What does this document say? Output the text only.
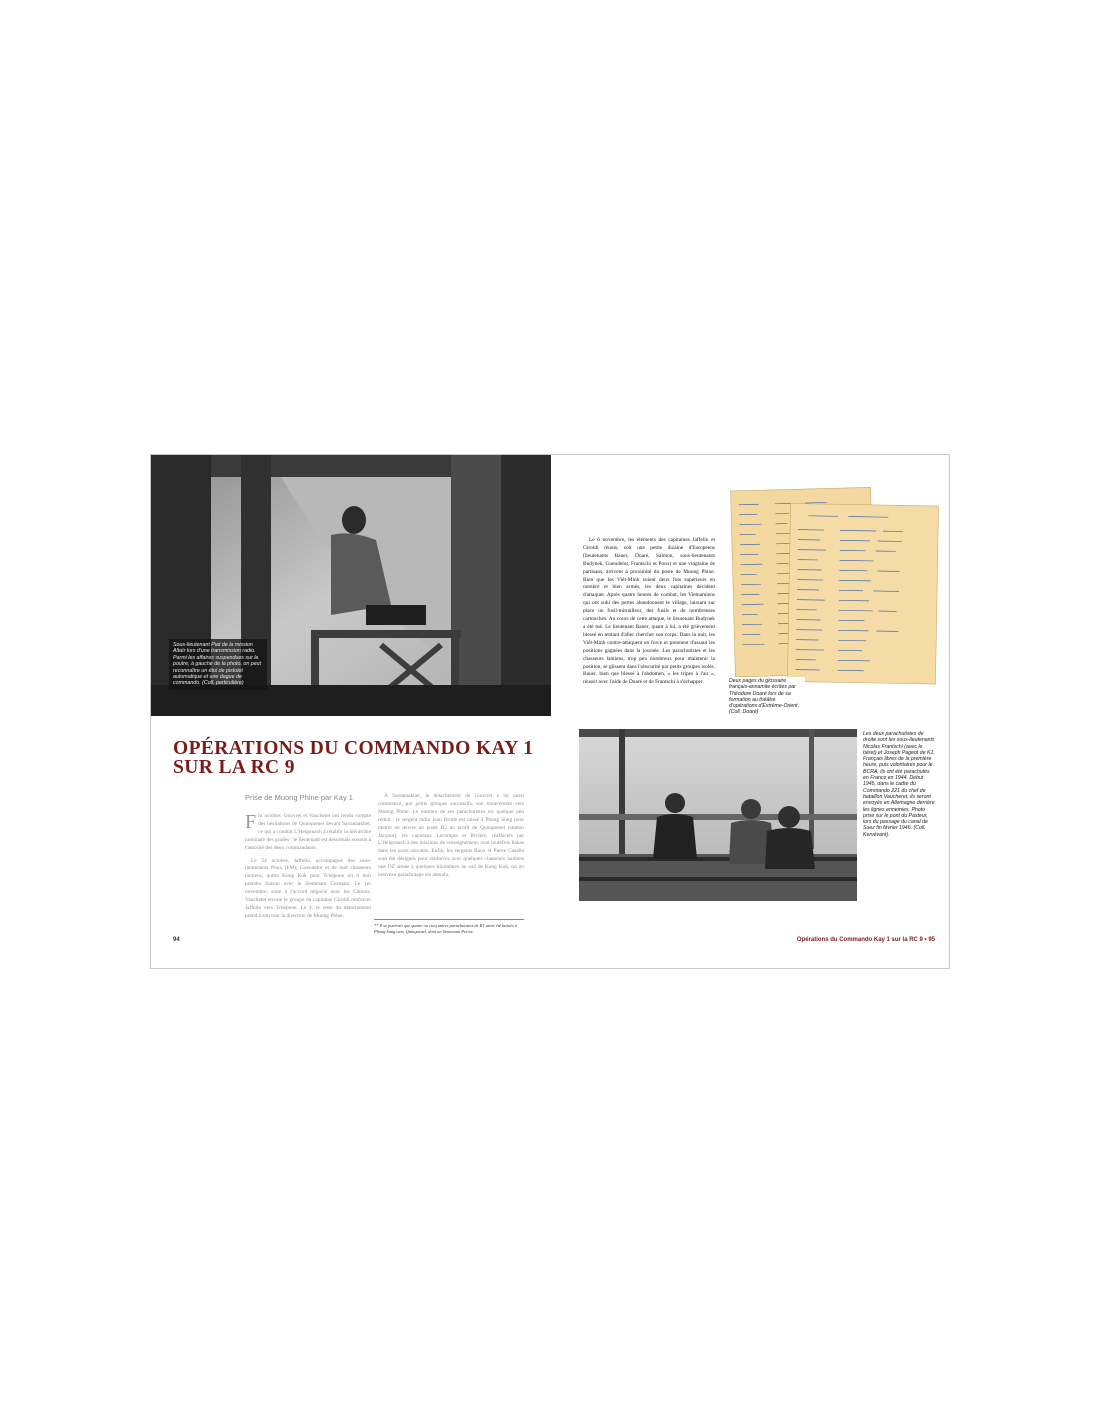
Sous-lieutenant Piat de la mission Altaïr lors d'une transmission radio. Parmi les affaires suspendues sur la poutre, à gauche de la photo, on peut reconnaître un étui de pistolet automatique et une dague de commando. (Coll. particulière)
OPÉRATIONS DU COMMANDO KAY 1
SUR LA RC 9
Prise de Muong Phine par Kay 1

F in octobre, Gouvret et Vauchetet ont rendu compte des hésitations de Quinquenel devant Savannakhet, ce qui a conduit L'Helgouach à rétablir la hiérarchie nominale des grades : le lieutenant est désormais soumis à l'autorité des deux commandants.

Le 24 octobre, Jaffelin, accompagné des sous-lieutenants Poux (FM), Gueudelot et de huit chasseurs laotiens, quitte Kong Kok pour Tchépone où il doit prendre liaison avec le lieutenant Germain. Le 1er novembre, suite à l'accord négocié avec les Chinois, Vauchetet envoie le groupe du capitaine Giroldi renforcer Jaffelin vers Tchépone. Le 4, le reste du détachement prend à son tour la direction de Muong Phine.

À Savannakhet, le détachement de Gouvret a lui aussi commencé, par petits groupes successifs, son mouvement vers Muong Phine. Le nombre de ses parachutistes est quelque peu réduit : le sergent radio Jean Brolle est laissé à Phong Sung pour mettre en œuvre un poste B2 au profit de Quinquenel (station Jacquot), les caporaux Lecompte et Rivière, réaffectés par L'Helgouach à des missions de renseignement, sont toutefois Pakse dans les jours suivants. Enfin, les sergents Raux et Pierre Casalta sont été désignés pour renforcer avec quelques chasseurs laotiens une DZ située à quelques kilomètres au sud de Kong Kok, où un nouveau parachutage est attendu.

** Il se pourrait que quatre ou cinq autres parachutistes de K1 aient été laissés à Phong Sung avec Quinquenel, dont un lieutenant Perrot.
94
Le 6 novembre, les éléments des capitaines Jaffelin et Giroldi réunis, soit une petite dizaine d'Européens (lieutenants Bauer, Doaré, Salmon, sous-lieutenants Budynek, Gueudelot, Frantschi et Poux) et une vingtaine de partisans, arrivent à proximité du poste de Muong Phine. Bien que les Viêt-Minh soient deux fois supérieurs en nombre et bien armés, les deux capitaines décident d'attaquer. Après quatre heures de combat, les Vietnamiens qui ont subi des pertes abandonnent le village, laissant sur place un fusil-mitrailleur, des fusils et de nombreuses cartouches. Au cours de cette attaque, le lieutenant Budynek a été tué. Le lieutenant Bauer, quant à lui, a été grièvement blessé en tentant d'aller chercher son corps. Dans la nuit, les Viêt-Minh contre-attaquent en force et prennent d'assaut les positions gagnées dans la journée. Les parachutistes et les chasseurs laotiens, trop peu nombreux pour maintenir la position, se glissent dans l'obscurité par petits groupes isolés. Bauer, bien que blessé à l'abdomen, « les tripes à l'air », réussit avec l'aide de Doaré et de Frantschi à s'échapper.	Deux pages du glossaire français-annamite écrites par Théodore Doaré lors de sa formation au théâtre d'opérations d'Extrême-Orient. (Coll. Doaré)
Les deux parachutistes de droite sont les sous-lieutenants Nicolas Frantschi (avec le béret) et Joseph Pageot de K1. Français libres de la première heure, puis volontaires pour le BCRA, ils ont été parachutés en France en 1944. Début 1945, dans le cadre du Commando 221 du chef de bataillon Vaucheret, ils seront envoyés en Allemagne derrière les lignes ennemies. Photo prise sur le pont du Pasteur, lors du passage du canal de Suez fin février 1946. (Coll. Kervévant).
Opérations du Commando Kay 1 sur la RC 9 • 95
